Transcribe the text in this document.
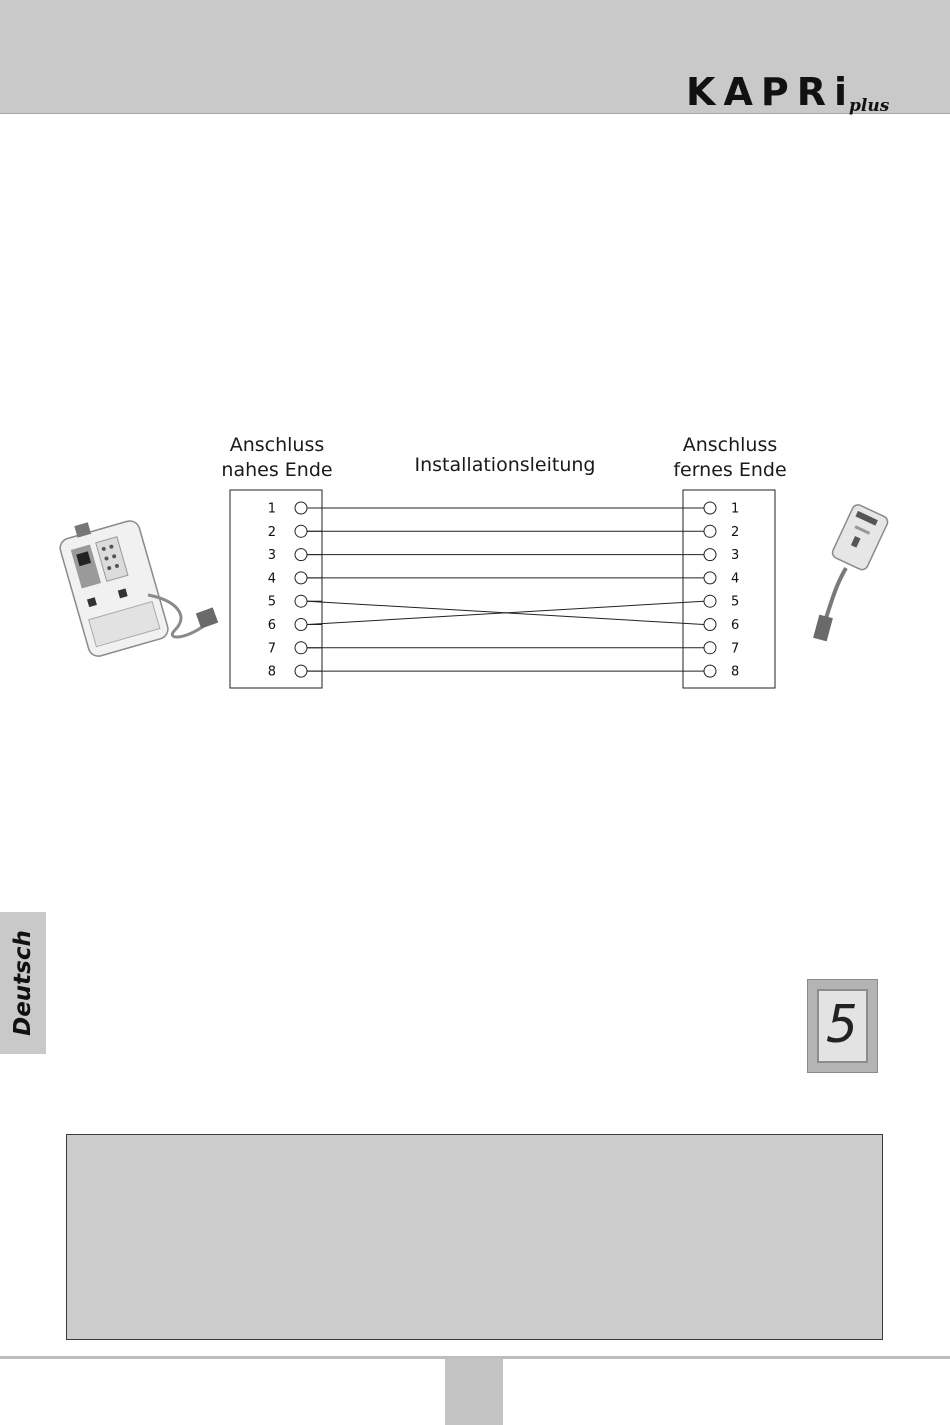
KAPRiplus
Anschluss
nahes Ende	Installationsleitung
Anschluss
fernes Ende
1
2
3
4
5
6
7
8
1
2
3
4
5
6
7
8
Deutsch	5
